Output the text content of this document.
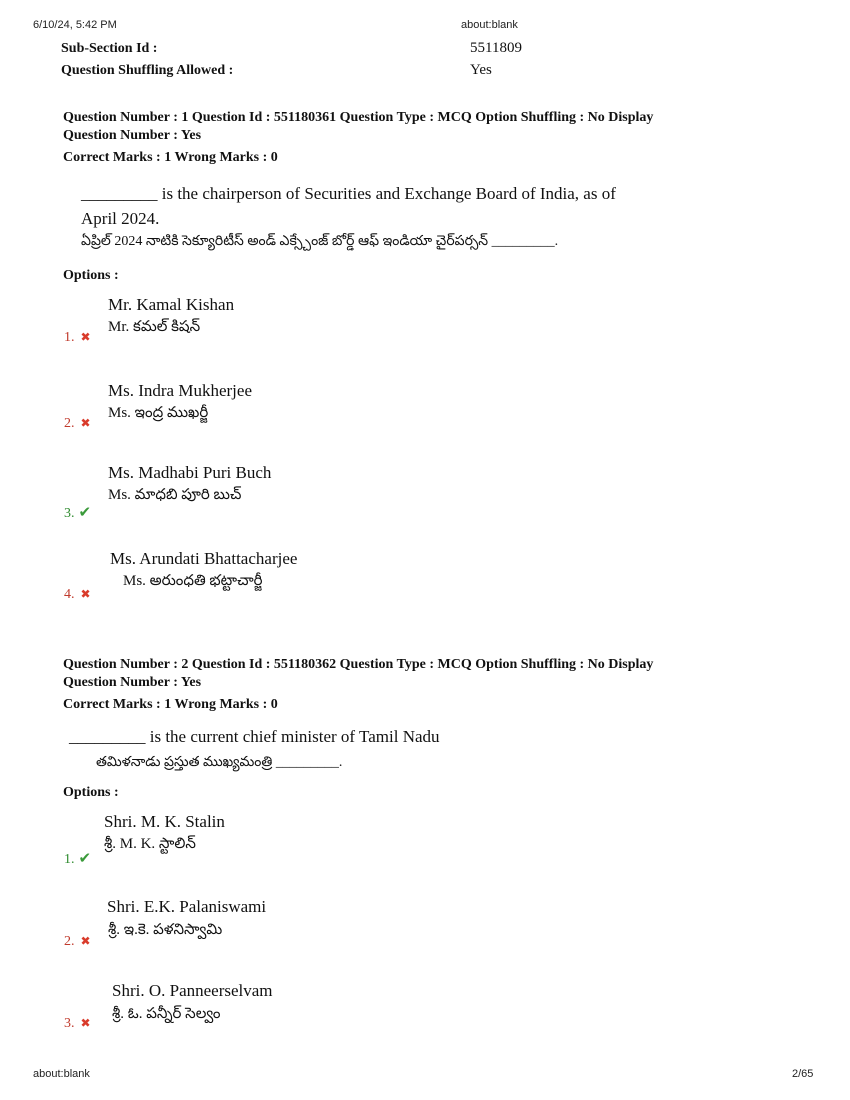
6/10/24, 5:42 PM	about:blank
Sub-Section Id :	5511809
Question Shuffling Allowed :	Yes
Question Number : 1 Question Id : 551180361 Question Type : MCQ Option Shuffling : No Display
Question Number : Yes
Correct Marks : 1 Wrong Marks : 0
_________ is the chairperson of Securities and Exchange Board of India, as of
April 2024.
ఏప్రిల్ 2024 నాటికి సెక్యూరిటీస్ అండ్ ఎక్స్చేంజ్ బోర్డ్ ఆఫ్ ఇండియా చైర్‌పర్సన్ _________.
Options :
Mr. Kamal Kishan
Mr. కమల్ కిషన్
1. ✖
Ms. Indra Mukherjee
Ms. ఇంద్ర ముఖర్జీ
2. ✖
Ms. Madhabi Puri Buch
Ms. మాధబి పూరి బుచ్
3. ✔
Ms. Arundati Bhattacharjee
Ms. అరుంధతి భట్టాచార్జీ
4. ✖
Question Number : 2 Question Id : 551180362 Question Type : MCQ Option Shuffling : No Display
Question Number : Yes
Correct Marks : 1 Wrong Marks : 0
_________ is the current chief minister of Tamil Nadu
తమిళనాడు ప్రస్తుత ముఖ్యమంత్రి _________.
Options :
Shri. M. K. Stalin
శ్రీ. M. K. స్టాలిన్
1. ✔
Shri. E.K. Palaniswami
శ్రీ. ఇ.కె. పళనిస్వామి
2. ✖
Shri. O. Panneerselvam
శ్రీ. ఓ. పన్నీర్ సెల్వం
3. ✖
about:blank	2/65
